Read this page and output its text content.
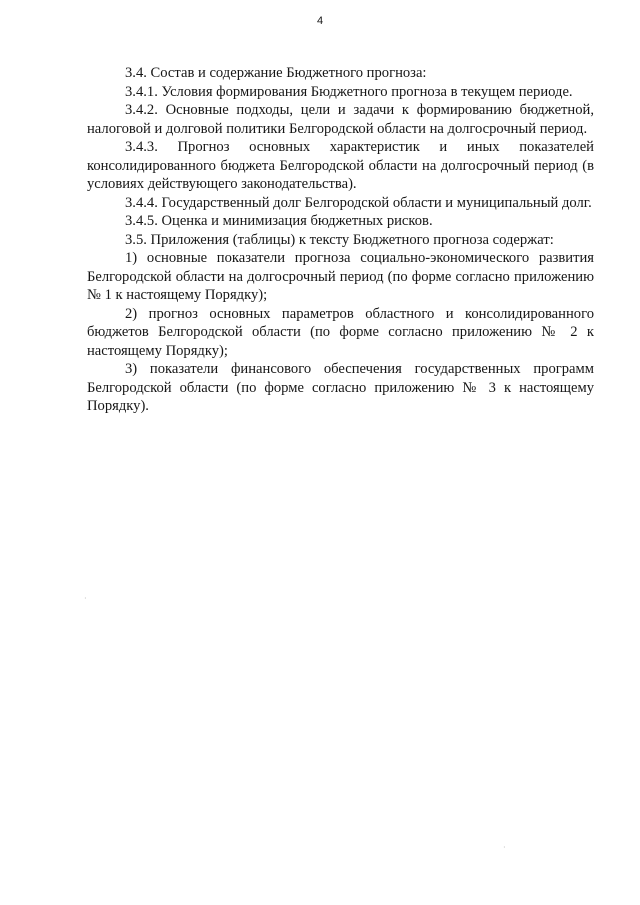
4

3.4. Состав и содержание Бюджетного прогноза:

3.4.1. Условия формирования Бюджетного прогноза в текущем периоде.

3.4.2. Основные подходы, цели и задачи к формированию бюджетной, налоговой и долговой политики Белгородской области на долгосрочный период.

3.4.3. Прогноз основных характеристик и иных показателей консолидированного бюджета Белгородской области на долгосрочный период (в условиях действующего законодательства).

3.4.4. Государственный долг Белгородской области и муниципальный долг.

3.4.5. Оценка и минимизация бюджетных рисков.

3.5. Приложения (таблицы) к тексту Бюджетного прогноза содержат:

1) основные показатели прогноза социально-экономического развития Белгородской области на долгосрочный период (по форме согласно приложению № 1 к настоящему Порядку);

2) прогноз основных параметров областного и консолидированного бюджетов Белгородской области (по форме согласно приложению № 2 к настоящему Порядку);

3) показатели финансового обеспечения государственных программ Белгородской области (по форме согласно приложению № 3 к настоящему Порядку).

·
·
